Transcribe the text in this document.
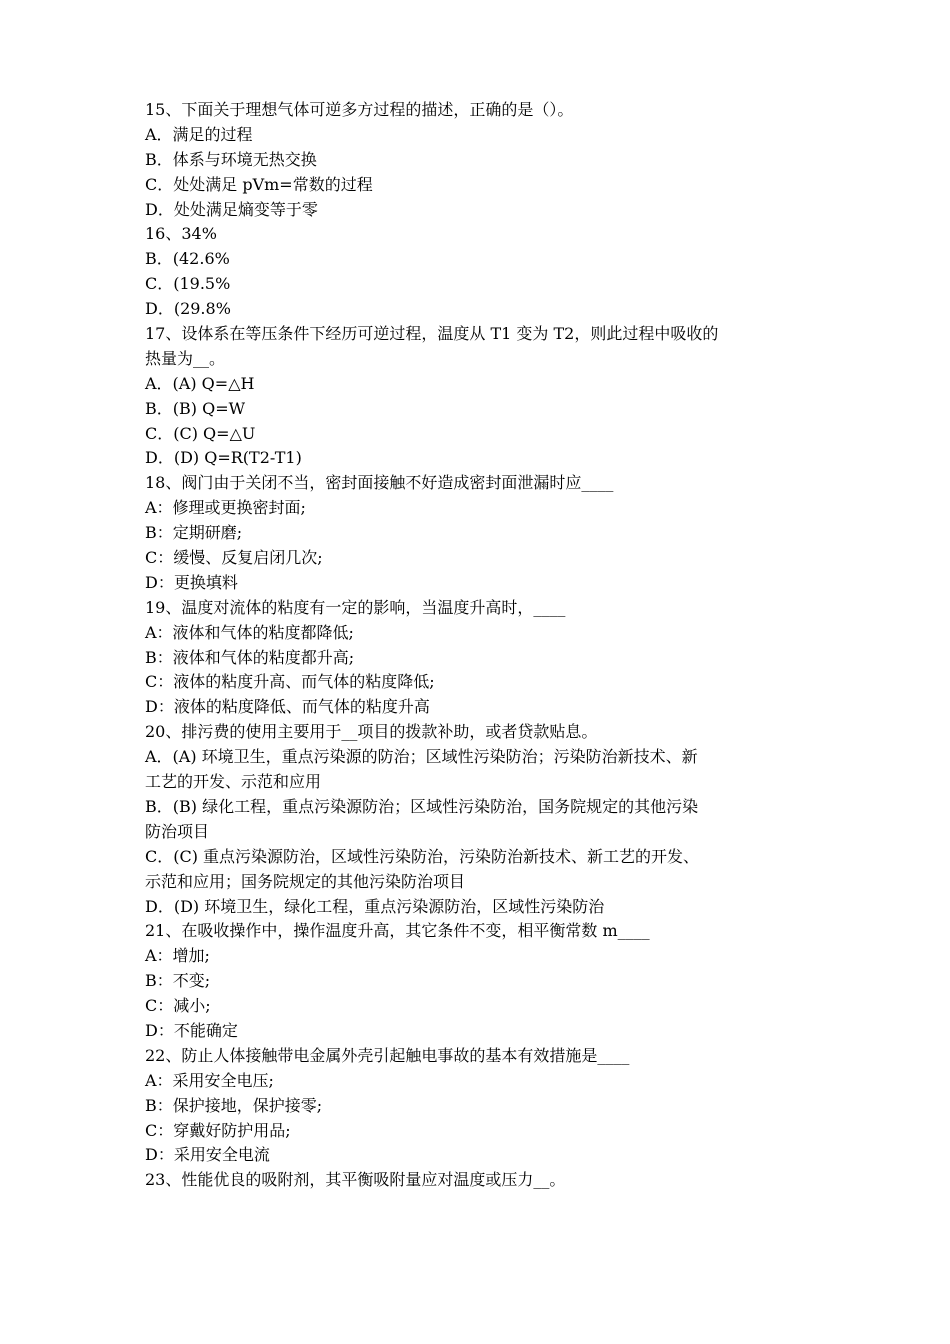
15、下面关于理想气体可逆多方过程的描述，正确的是（）。
A．满足的过程
B．体系与环境无热交换
C．处处满足 pVm=常数的过程
D．处处满足熵变等于零
16、34%
B．(42.6%
C．(19.5%
D．(29.8%
17、设体系在等压条件下经历可逆过程，温度从 T1 变为 T2，则此过程中吸收的
热量为__。
A．(A) Q=△H
B．(B) Q=W
C．(C) Q=△U
D．(D) Q=R(T2-T1)
18、阀门由于关闭不当，密封面接触不好造成密封面泄漏时应____
A：修理或更换密封面;
B：定期研磨;
C：缓慢、反复启闭几次;
D：更换填料
19、温度对流体的粘度有一定的影响，当温度升高时，____
A：液体和气体的粘度都降低;
B：液体和气体的粘度都升高;
C：液体的粘度升高、而气体的粘度降低;
D：液体的粘度降低、而气体的粘度升高
20、排污费的使用主要用于__项目的拨款补助，或者贷款贴息。
A．(A) 环境卫生，重点污染源的防治；区域性污染防治；污染防治新技术、新
工艺的开发、示范和应用
B．(B) 绿化工程，重点污染源防治；区域性污染防治，国务院规定的其他污染
防治项目
C．(C) 重点污染源防治，区域性污染防治，污染防治新技术、新工艺的开发、
示范和应用；国务院规定的其他污染防治项目
D．(D) 环境卫生，绿化工程，重点污染源防治，区域性污染防治
21、在吸收操作中，操作温度升高，其它条件不变，相平衡常数 m____
A：增加;
B：不变;
C：减小;
D：不能确定
22、防止人体接触带电金属外壳引起触电事故的基本有效措施是____
A：采用安全电压;
B：保护接地，保护接零;
C：穿戴好防护用品;
D：采用安全电流
23、性能优良的吸附剂，其平衡吸附量应对温度或压力__。
